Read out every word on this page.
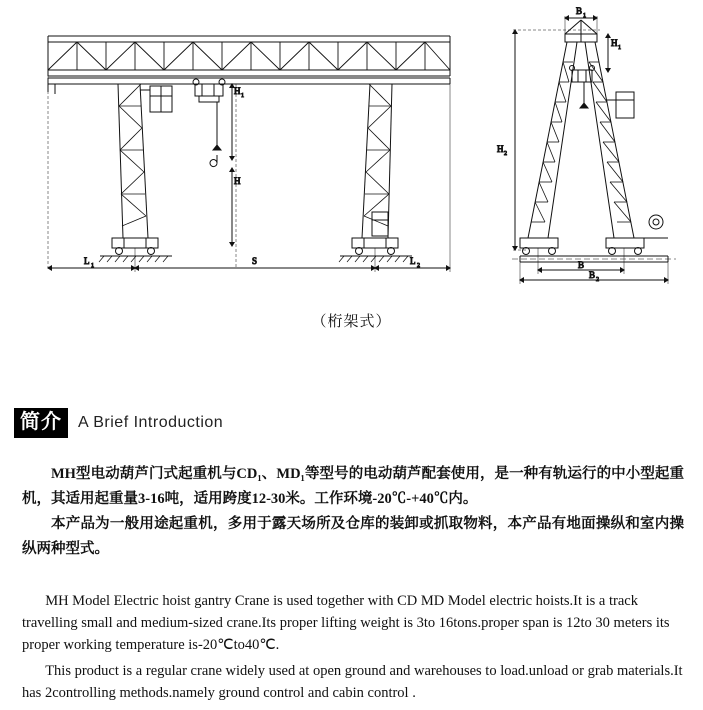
H 1
H
L 1	S	L 2
B 1
H 1
H 2
B
B 2
（桁架式）
简介	A Brief Introduction

MH型电动葫芦门式起重机与CD₁、MD₁等型号的电动葫芦配套使用，是一种有轨运行的中小型起重机，其适用起重量3-16吨，适用跨度12-30米。工作环境-20℃-+40℃内。

本产品为一般用途起重机，多用于露天场所及仓库的装卸或抓取物料，本产品有地面操纵和室内操纵两种型式。

MH Model Electric hoist gantry Crane is used together with CD MD Model electric hoists.It is a track travelling small and medium-sized crane.Its proper lifting weight is 3to 16tons.proper span is 12to 30 meters its proper working temperature is-20℃to40℃.

This product is a regular crane widely used at open ground and warehouses to load.unload or grab materials.It has 2controlling methods.namely ground control and cabin control .
